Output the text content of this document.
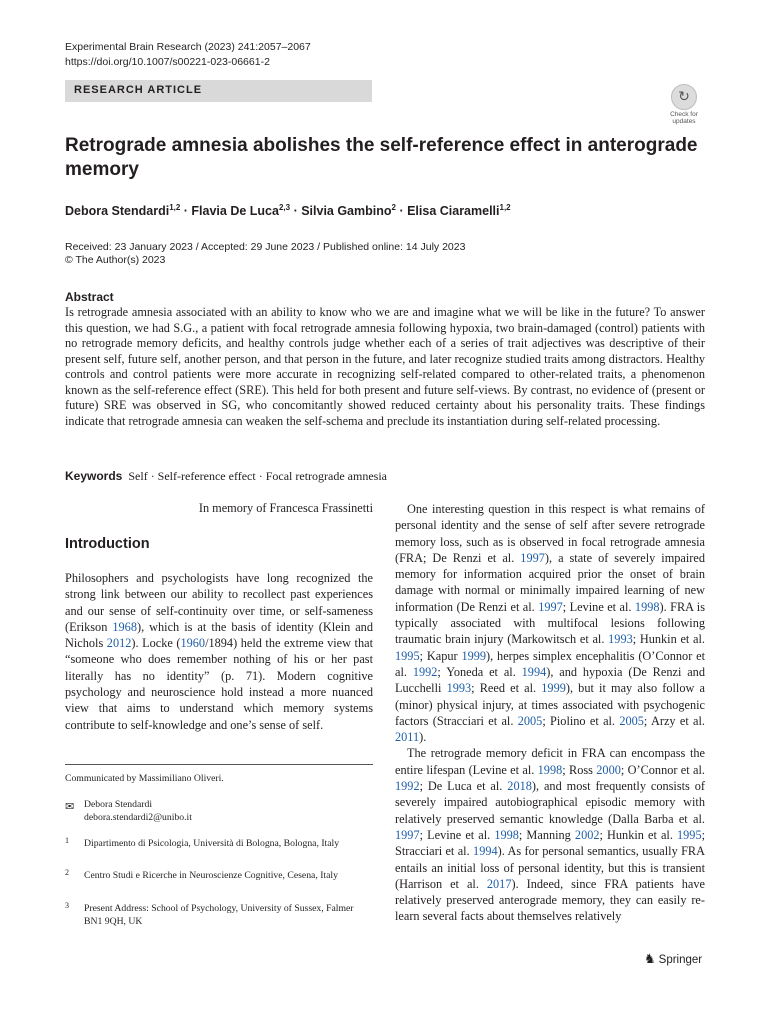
Experimental Brain Research (2023) 241:2057–2067
https://doi.org/10.1007/s00221-023-06661-2
RESEARCH ARTICLE	↻
Check for updates
Retrograde amnesia abolishes the self-reference effect in anterograde memory
Debora Stendardi$^{1,2}$ · Flavia De Luca$^{2,3}$ · Silvia Gambino$^2$ · Elisa Ciaramelli$^{1,2}$
Received: 23 January 2023 / Accepted: 29 June 2023 / Published online: 14 July 2023
© The Author(s) 2023
Abstract
Is retrograde amnesia associated with an ability to know who we are and imagine what we will be like in the future? To answer this question, we had S.G., a patient with focal retrograde amnesia following hypoxia, two brain-damaged (control) patients with no retrograde memory deficits, and healthy controls judge whether each of a series of trait adjectives was descriptive of their present self, future self, another person, and that person in the future, and later recognize studied traits among distractors. Healthy controls and control patients were more accurate in recognizing self-related compared to other-related traits, a phenomenon known as the self-reference effect (SRE). This held for both present and future self-views. By contrast, no evidence of (present or future) SRE was observed in SG, who concomitantly showed reduced certainty about his personality traits. These findings indicate that retrograde amnesia can weaken the self-schema and preclude its instantiation during self-related processing.
Keywords Self · Self-reference effect · Focal retrograde amnesia
In memory of Francesca Frassinetti
Introduction

Philosophers and psychologists have long recognized the strong link between our ability to recollect past experiences and our sense of self-continuity over time, or self-sameness (Erikson 1968), which is at the basis of identity (Klein and Nichols 2012). Locke (1960/1894) held the extreme view that “someone who does remember nothing of his or her past literally has no identity” (p. 71). Modern cognitive psychology and neuroscience hold instead a more nuanced view that aims to understand which memory systems contribute to self-knowledge and one’s sense of self.

One interesting question in this respect is what remains of personal identity and the sense of self after severe retrograde memory loss, such as is observed in focal retrograde amnesia (FRA; De Renzi et al. 1997), a state of severely impaired memory for information acquired prior the onset of brain damage with normal or minimally impaired learning of new information (De Renzi et al. 1997; Levine et al. 1998). FRA is typically associated with multifocal lesions following traumatic brain injury (Markowitsch et al. 1993; Hunkin et al. 1995; Kapur 1999), herpes simplex encephalitis (O’Connor et al. 1992; Yoneda et al. 1994), and hypoxia (De Renzi and Lucchelli 1993; Reed et al. 1999), but it may also follow a (minor) physical injury, at times associated with psychogenic factors (Stracciari et al. 2005; Piolino et al. 2005; Arzy et al. 2011).

The retrograde memory deficit in FRA can encompass the entire lifespan (Levine et al. 1998; Ross 2000; O’Connor et al. 1992; De Luca et al. 2018), and most frequently consists of severely impaired autobiographical episodic memory with relatively preserved semantic knowledge (Dalla Barba et al. 1997; Levine et al. 1998; Manning 2002; Hunkin et al. 1995; Stracciari et al. 1994). As for personal semantics, usually FRA entails an initial loss of personal identity, but this is transient (Harrison et al. 2017). Indeed, since FRA patients have relatively preserved anterograde memory, they can easily re-learn several facts about themselves relatively

Communicated by Massimiliano Oliveri.
✉ Debora Stendardi
debora.stendardi2@unibo.it
1 Dipartimento di Psicologia, Università di Bologna, Bologna, Italy
2 Centro Studi e Ricerche in Neuroscienze Cognitive, Cesena, Italy
3 Present Address: School of Psychology, University of Sussex, Falmer BN1 9QH, UK
♞ Springer
